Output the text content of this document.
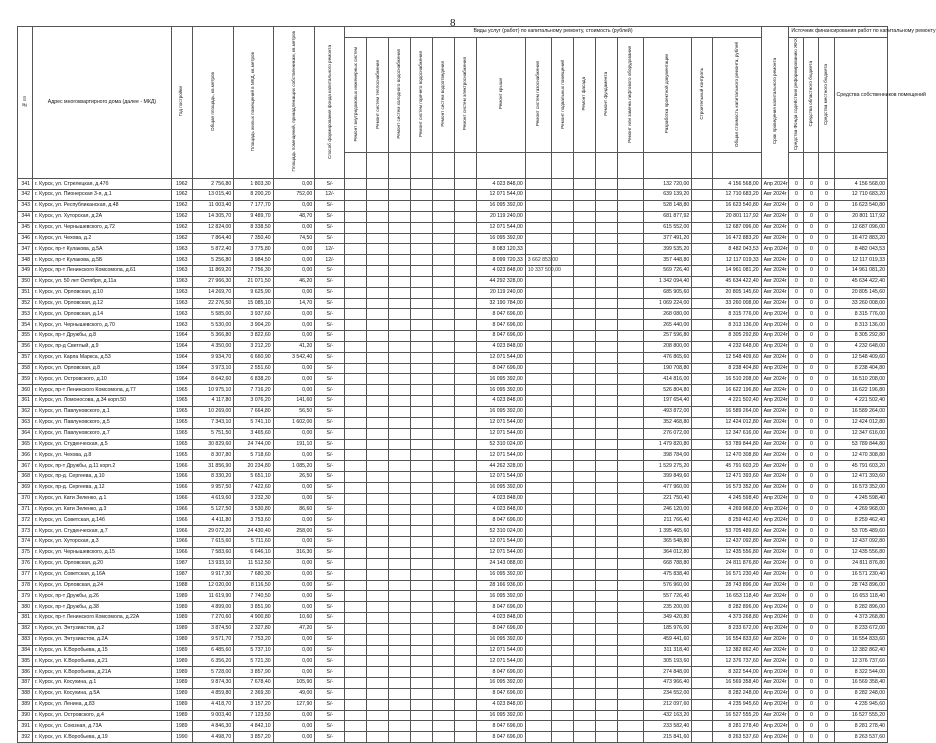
8
№ пп	Адрес многоквартирного дома (далее - МКД)	Год постройки	Общая площадь, кв.метров	Площадь жилых помещений в МКД, кв.метров	Площадь помещений, принадлежащих собственникам, кв.метров	Способ формирования фонда капитального ремонта	Виды услуг (работ) по капитальному ремонту, стоимость (рублей)															Срок проведения капитального ремонта	Источник финансирования работ по капитальному ремонту			
							Ремонт внутридомовых инженерных систем	Ремонт систем теплоснабжения	Ремонт систем холодного водоснабжения	Ремонт систем горячего водоснабжения	Ремонт систем водоотведения	Ремонт систем электроснабжения	Ремонт крыши	Ремонт систем газоснабжения	Ремонт подвальных помещений	Ремонт фасада	Ремонт фундамента	Ремонт или замена лифтового оборудования	Разработка проектной документации	Строительный контроль	Общая стоимость капитального ремонта, рублей		Средства Фонда содействия реформированию ЖКХ	Средства областного бюджета	Средства местного бюджета	Средства собственников помещений

341	г. Курск, ул. Стрелецкая, д.47б	1962	2 756,80	1 803,30	0,00	S/-							4 023 848,00						132 720,00		4 156 568,00	Апр 2024г	0	0	0	4 156 568,00
342	г. Курск, ул. Пионерская 3-я, д.1	1962	13 015,40	8 200,20	752,00	12/-							12 071 544,00						639 139,20		12 710 683,20	Авг 2024г	0	0	0	12 710 683,20
343	г. Курск, ул. Республиканская, д.48	1962	11 003,40	7 177,70	0,00	S/-							16 095 392,00						528 148,80		16 623 540,80	Авг 2024г	0	0	0	16 623 540,80
344	г. Курск, ул. Хуторская, д.2А	1962	14 305,70	9 489,70	48,70	S/-							20 119 240,00						681 877,92		20 801 117,92	Авг 2024г	0	0	0	20 801 117,92
345	г. Курск, ул. Чернышевского, д.72	1962	12 824,00	8 338,50	0,00	S/-							12 071 544,00						615 552,00		12 687 096,00	Авг 2024г	0	0	0	12 687 096,00
346	г. Курск, ул. Чехова, д.2	1962	7 864,40	7 350,40	74,50	S/-							16 095 392,00						377 491,20		16 472 883,20	Авг 2024г	0	0	0	16 472 883,20
347	г. Курск, пр-т Кулакова, д.5А	1963	5 872,40	3 775,80	0,00	12/-							8 083 120,33						399 535,20		8 482 043,53	Апр 2024г	0	0	0	8 482 043,53
348	г. Курск, пр-т Кулакова, д.5Б	1963	5 256,80	3 984,50	0,00	12/-							8 099 720,33	3 662 853,00					357 448,80		12 117 019,33	Авг 2024г	0	0	0	12 117 019,33
349	г. Курск, пр-т Ленинского Комсомола, д.61	1963	11 869,20	7 756,30	0,00	S/-							4 023 848,00	10 337 500,00					569 726,40		14 961 081,20	Авг 2024г	0	0	0	14 961 081,20
350	г. Курск, ул. 50 лет Октября, д.11а	1963	27 966,30	21 071,50	46,20	S/-							44 292 328,00						1 342 094,40		45 634 422,40	Авг 2024г	0	0	0	45 634 422,40
351	г. Курск, ул. Орловская, д.10	1963	14 269,70	9 625,90	0,00	S/-							20 119 240,00						685 905,60		20 805 145,60	Авг 2024г	0	0	0	20 805 145,60
352	г. Курск, ул. Орловская, д.12	1963	22 276,50	15 085,10	14,70	S/-							32 190 784,00						1 069 224,00		33 260 008,00	Авг 2024г	0	0	0	33 260 008,00
353	г. Курск, ул. Орловская, д.14	1963	5 585,00	3 937,60	0,00	S/-							8 047 696,00						268 080,00		8 315 776,00	Апр 2024г	0	0	0	8 315 776,00
354	г. Курск, ул. Чернышевского, д.70	1963	5 530,00	3 904,20	0,00	S/-							8 047 696,00						265 440,00		8 313 136,00	Апр 2024г	0	0	0	8 313 136,00
355	г. Курск, пр-т Дружбы, д.8	1964	5 366,80	3 822,60	0,00	S/-							8 047 696,00						257 596,80		8 305 292,80	Апр 2024г	0	0	0	8 305 292,80
356	г. Курск, пр-д Светлый, д.9	1964	4 350,00	3 212,20	41,20	S/-							4 023 848,00						208 800,00		4 232 648,00	Апр 2024г	0	0	0	4 232 648,00
357	г. Курск, ул. Карла Маркса, д.53	1964	9 934,70	6 660,90	3 542,40	S/-							12 071 544,00						476 865,60		12 548 409,60	Авг 2024г	0	0	0	12 548 409,60
358	г. Курск, ул. Орловская, д.8	1964	3 973,10	2 551,60	0,00	S/-							8 047 696,00						190 708,80		8 238 404,80	Апр 2024г	0	0	0	8 238 404,80
359	г. Курск, ул. Островского, д.10	1964	8 642,60	6 838,20	0,00	S/-							16 095 392,00						414 816,00		16 510 208,00	Авг 2024г	0	0	0	16 510 208,00
360	г. Курск, пр-т Ленинского Комсомола, д.77	1965	10 975,10	7 716,20	0,00	S/-							16 095 392,00						526 804,80		16 622 196,80	Авг 2024г	0	0	0	16 622 196,80
361	г. Курск, ул. Ломоносова, д.34 корп.50	1965	4 117,80	3 076,20	141,60	S/-							4 023 848,00						197 654,40		4 221 502,40	Апр 2024г	0	0	0	4 221 502,40
362	г. Курск, ул. Павлуновского, д.1	1965	10 269,00	7 664,80	56,50	S/-							16 095 392,00						493 872,00		16 589 264,00	Авг 2024г	0	0	0	16 589 264,00
363	г. Курск, ул. Павлуновского, д.5	1965	7 343,10	5 741,10	1 602,00	S/-							12 071 544,00						352 468,80		12 424 012,80	Авг 2024г	0	0	0	12 424 012,80
364	г. Курск, ул. Павлуновского, д.7	1965	5 751,50	3 465,60	0,00	S/-							12 071 544,00						276 072,00		12 347 616,00	Авг 2024г	0	0	0	12 347 616,00
365	г. Курск, ул. Студенческая, д.5	1965	30 829,60	24 744,00	191,10	S/-							52 310 024,00						1 479 820,80		53 789 844,80	Авг 2024г	0	0	0	53 789 844,80
366	г. Курск, ул. Чехова, д.8	1965	8 307,80	5 718,60	0,00	S/-							12 071 544,00						398 784,00		12 470 308,80	Авг 2024г	0	0	0	12 470 308,80
367	г. Курск, пр-т Дружбы, д.11 корп.2	1966	31 856,90	20 234,80	1 085,20	S/-							44 262 328,00						1 529 275,20		45 791 603,20	Авг 2024г	0	0	0	45 791 603,20
368	г. Курск, пр-д. Сергеева, д.10	1966	8 330,20	5 651,10	26,50	S/-							12 071 544,00						399 849,60		12 471 393,60	Авг 2024г	0	0	0	12 471 393,60
369	г. Курск, пр-д. Сергеева, д.12	1966	9 957,50	7 422,60	0,00	S/-							16 095 392,00						477 960,00		16 573 352,00	Авг 2024г	0	0	0	16 573 352,00
370	г. Курск, ул. Кати Зеленко, д.1	1966	4 619,60	3 232,30	0,00	S/-							4 023 848,00						221 750,40		4 245 598,40	Апр 2024г	0	0	0	4 245 598,40
371	г. Курск, ул. Кати Зеленко, д.3	1966	5 127,50	3 530,80	86,60	S/-							4 023 848,00						246 120,00		4 269 968,00	Апр 2024г	0	0	0	4 269 968,00
372	г. Курск, ул. Советская, д.14б	1966	4 411,80	3 753,60	0,00	S/-							8 047 696,00						211 766,40		8 259 462,40	Апр 2024г	0	0	0	8 259 462,40
373	г. Курск, ул. Студенческая, д.7	1966	29 072,20	24 430,40	258,00	S/-							52 310 024,00						1 395 465,60		53 705 489,60	Авг 2024г	0	0	0	53 705 489,60
374	г. Курск, ул. Хуторская, д.3	1966	7 615,60	5 711,60	0,00	S/-							12 071 544,00						365 548,80		12 437 092,80	Авг 2024г	0	0	0	12 437 092,80
375	г. Курск, ул. Чернышевского, д.15	1966	7 583,60	6 646,10	316,30	S/-							12 071 544,00						364 012,80		12 435 556,80	Авг 2024г	0	0	0	12 435 556,80
376	г. Курск, ул. Орловская, д.20	1987	13 933,10	11 512,50	0,00	S/-							24 143 088,00						668 788,80		24 811 876,80	Авг 2024г	0	0	0	24 811 876,80
377	г. Курск, ул. Советская, д.16А	1987	9 917,30	7 680,30	0,00	S/-							16 095 392,00						475 838,40		16 571 230,40	Авг 2024г	0	0	0	16 571 230,40
378	г. Курск, ул. Орловская, д.24	1988	12 020,00	8 116,50	0,00	S/-							28 166 936,00						576 960,00		28 743 896,00	Авг 2024г	0	0	0	28 743 896,00
379	г. Курск, пр-т Дружбы, д.26	1989	11 619,90	7 740,50	0,00	S/-							16 095 392,00						557 726,40		16 653 118,40	Авг 2024г	0	0	0	16 653 118,40
380	г. Курск, пр-т Дружбы, д.38	1989	4 899,00	3 851,90	0,00	S/-							8 047 696,00						235 200,00		8 282 896,00	Апр 2024г	0	0	0	8 282 896,00
381	г. Курск, пр-т Ленинского Комсомола, д.22А	1989	7 270,60	4 900,80	10,60	S/-							4 023 848,00						349 420,80		4 373 268,80	Апр 2024г	0	0	0	4 373 268,80
382	г. Курск, ул. Энтузиастов, д.2	1989	3 874,50	2 327,80	47,20	S/-							8 047 696,00						185 976,00		8 233 672,00	Апр 2024г	0	0	0	8 233 672,00
383	г. Курск, ул. Энтузиастов, д.2А	1989	9 571,70	7 753,20	0,00	S/-							16 095 392,00						459 441,60		16 554 833,60	Авг 2024г	0	0	0	16 554 833,60
384	г. Курск, ул. К.Воробьева, д.15	1989	6 485,60	5 737,10	0,00	S/-							12 071 544,00						311 318,40		12 382 862,40	Авг 2024г	0	0	0	12 382 862,40
385	г. Курск, ул. К.Воробьева, д.21	1989	6 356,20	5 721,30	0,00	S/-							12 071 544,00						305 193,60		12 376 737,60	Авг 2024г	0	0	0	12 376 737,60
386	г. Курск, ул. К.Воробьева, д.21А	1989	5 728,00	3 857,90	0,00	S/-							8 047 696,00						274 848,00		8 322 544,00	Апр 2024г	0	0	0	8 322 544,00
387	г. Курск, ул. Косухина, д.1	1989	9 874,30	7 678,40	105,90	S/-							16 095 392,00						473 966,40		16 569 358,40	Авг 2024г	0	0	0	16 569 358,40
388	г. Курск, ул. Косухина, д.5А	1989	4 859,80	2 369,30	49,00	S/-							8 047 696,00						234 552,00		8 282 248,00	Апр 2024г	0	0	0	8 282 248,00
389	г. Курск, ул. Ленина, д.83	1989	4 418,70	3 157,20	127,90	S/-							4 023 848,00						212 097,60		4 235 945,60	Апр 2024г	0	0	0	4 235 945,60
390	г. Курск, ул. Островского, д.4	1989	9 003,40	7 123,50	0,00	S/-							16 095 392,00						432 163,20		16 527 555,20	Авг 2024г	0	0	0	16 527 555,20
391	г. Курск, ул. Союзная, д.73А	1989	4 846,30	4 842,10	0,00	S/-							8 047 696,00						233 582,40		8 281 278,40	Апр 2024г	0	0	0	8 281 278,40
392	г. Курск, ул. К.Воробьева, д.19	1990	4 498,70	3 857,20	0,00	S/-							8 047 696,00						215 841,60		8 263 537,60	Апр 2024г	0	0	0	8 263 537,60
